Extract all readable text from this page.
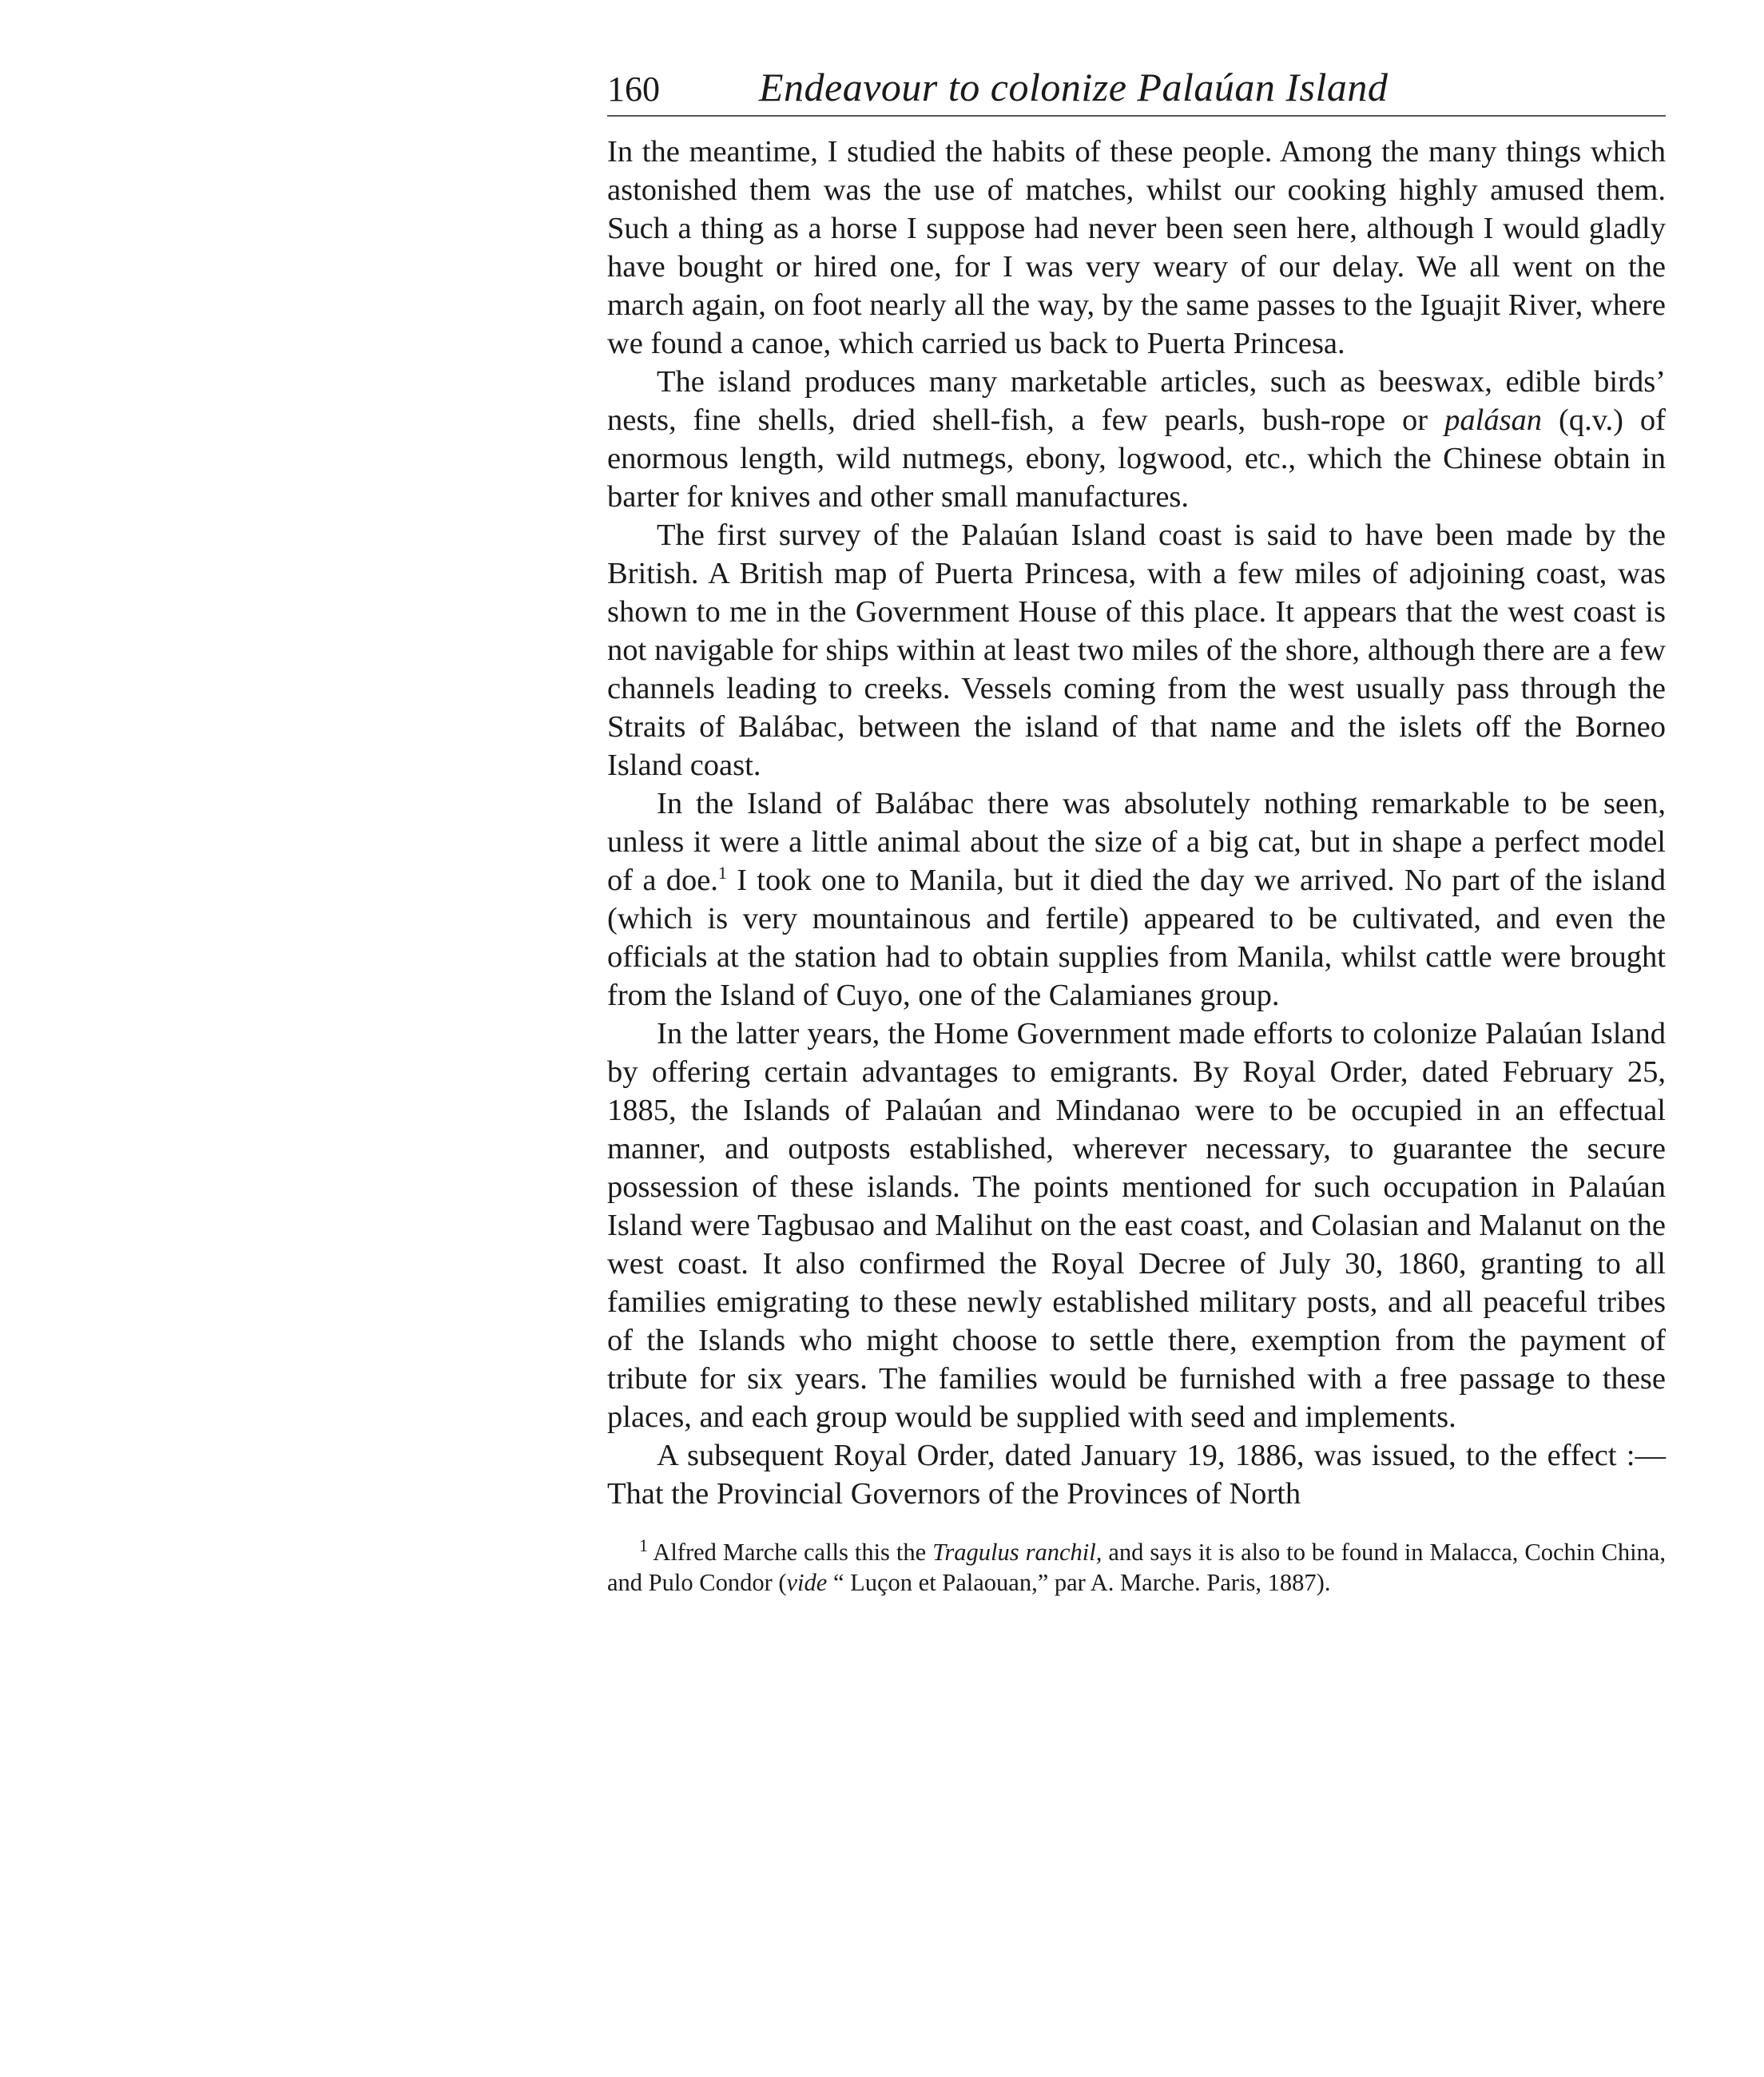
160	Endeavour to colonize Palaúan Island

In the meantime, I studied the habits of these people. Among the many things which astonished them was the use of matches, whilst our cooking highly amused them. Such a thing as a horse I suppose had never been seen here, although I would gladly have bought or hired one, for I was very weary of our delay. We all went on the march again, on foot nearly all the way, by the same passes to the Iguajit River, where we found a canoe, which carried us back to Puerta Princesa.

The island produces many marketable articles, such as beeswax, edible birds’ nests, fine shells, dried shell-fish, a few pearls, bush-rope or palásan (q.v.) of enormous length, wild nutmegs, ebony, logwood, etc., which the Chinese obtain in barter for knives and other small manufactures.

The first survey of the Palaúan Island coast is said to have been made by the British. A British map of Puerta Princesa, with a few miles of adjoining coast, was shown to me in the Government House of this place. It appears that the west coast is not navigable for ships within at least two miles of the shore, although there are a few channels leading to creeks. Vessels coming from the west usually pass through the Straits of Balábac, between the island of that name and the islets off the Borneo Island coast.

In the Island of Balábac there was absolutely nothing remarkable to be seen, unless it were a little animal about the size of a big cat, but in shape a perfect model of a doe.$^1$ I took one to Manila, but it died the day we arrived. No part of the island (which is very mountainous and fertile) appeared to be cultivated, and even the officials at the station had to obtain supplies from Manila, whilst cattle were brought from the Island of Cuyo, one of the Calamianes group.

In the latter years, the Home Government made efforts to colonize Palaúan Island by offering certain advantages to emigrants. By Royal Order, dated February 25, 1885, the Islands of Palaúan and Mindanao were to be occupied in an effectual manner, and outposts established, wherever necessary, to guarantee the secure possession of these islands. The points mentioned for such occupation in Palaúan Island were Tagbusao and Malihut on the east coast, and Colasian and Malanut on the west coast. It also confirmed the Royal Decree of July 30, 1860, granting to all families emigrating to these newly established military posts, and all peaceful tribes of the Islands who might choose to settle there, exemption from the payment of tribute for six years. The families would be furnished with a free passage to these places, and each group would be supplied with seed and implements.

A subsequent Royal Order, dated January 19, 1886, was issued, to the effect :—That the Provincial Governors of the Provinces of North

$^1$ Alfred Marche calls this the Tragulus ranchil, and says it is also to be found in Malacca, Cochin China, and Pulo Condor (vide “ Luçon et Palaouan,” par A. Marche. Paris, 1887).
